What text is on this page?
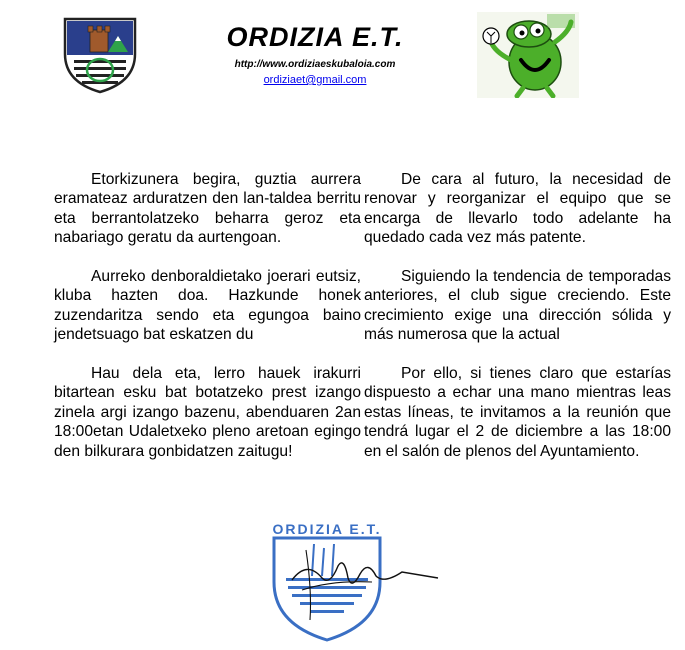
ORDIZIA E.T.
http://www.ordiziaeskubaloia.com
ordiziaet@gmail.com

Etorkizunera begira, guztia aurrera eramateaz arduratzen den lan-taldea berritu eta berrantolatzeko beharra geroz eta nabariago geratu da aurtengoan.

Aurreko denboraldietako joerari eutsiz, kluba hazten doa. Hazkunde honek zuzendaritza sendo eta egungoa baino jendetsuago bat eskatzen du

Hau dela eta, lerro hauek irakurri bitartean esku bat botatzeko prest izango zinela argi izango bazenu, abenduaren 2an 18:00etan Udaletxeko pleno aretoan egingo den bilkurara gonbidatzen zaitugu!

De cara al futuro, la necesidad de renovar y reorganizar el equipo que se encarga de llevarlo todo adelante ha quedado cada vez más patente.

Siguiendo la tendencia de temporadas anteriores, el club sigue creciendo. Este crecimiento exige una dirección sólida y más numerosa que la actual

Por ello, si tienes claro que estarías dispuesto a echar una mano mientras leas estas líneas, te invitamos a la reunión que tendrá lugar el 2 de diciembre a las 18:00 en el salón de plenos del Ayuntamiento.

ORDIZIA E.T.
